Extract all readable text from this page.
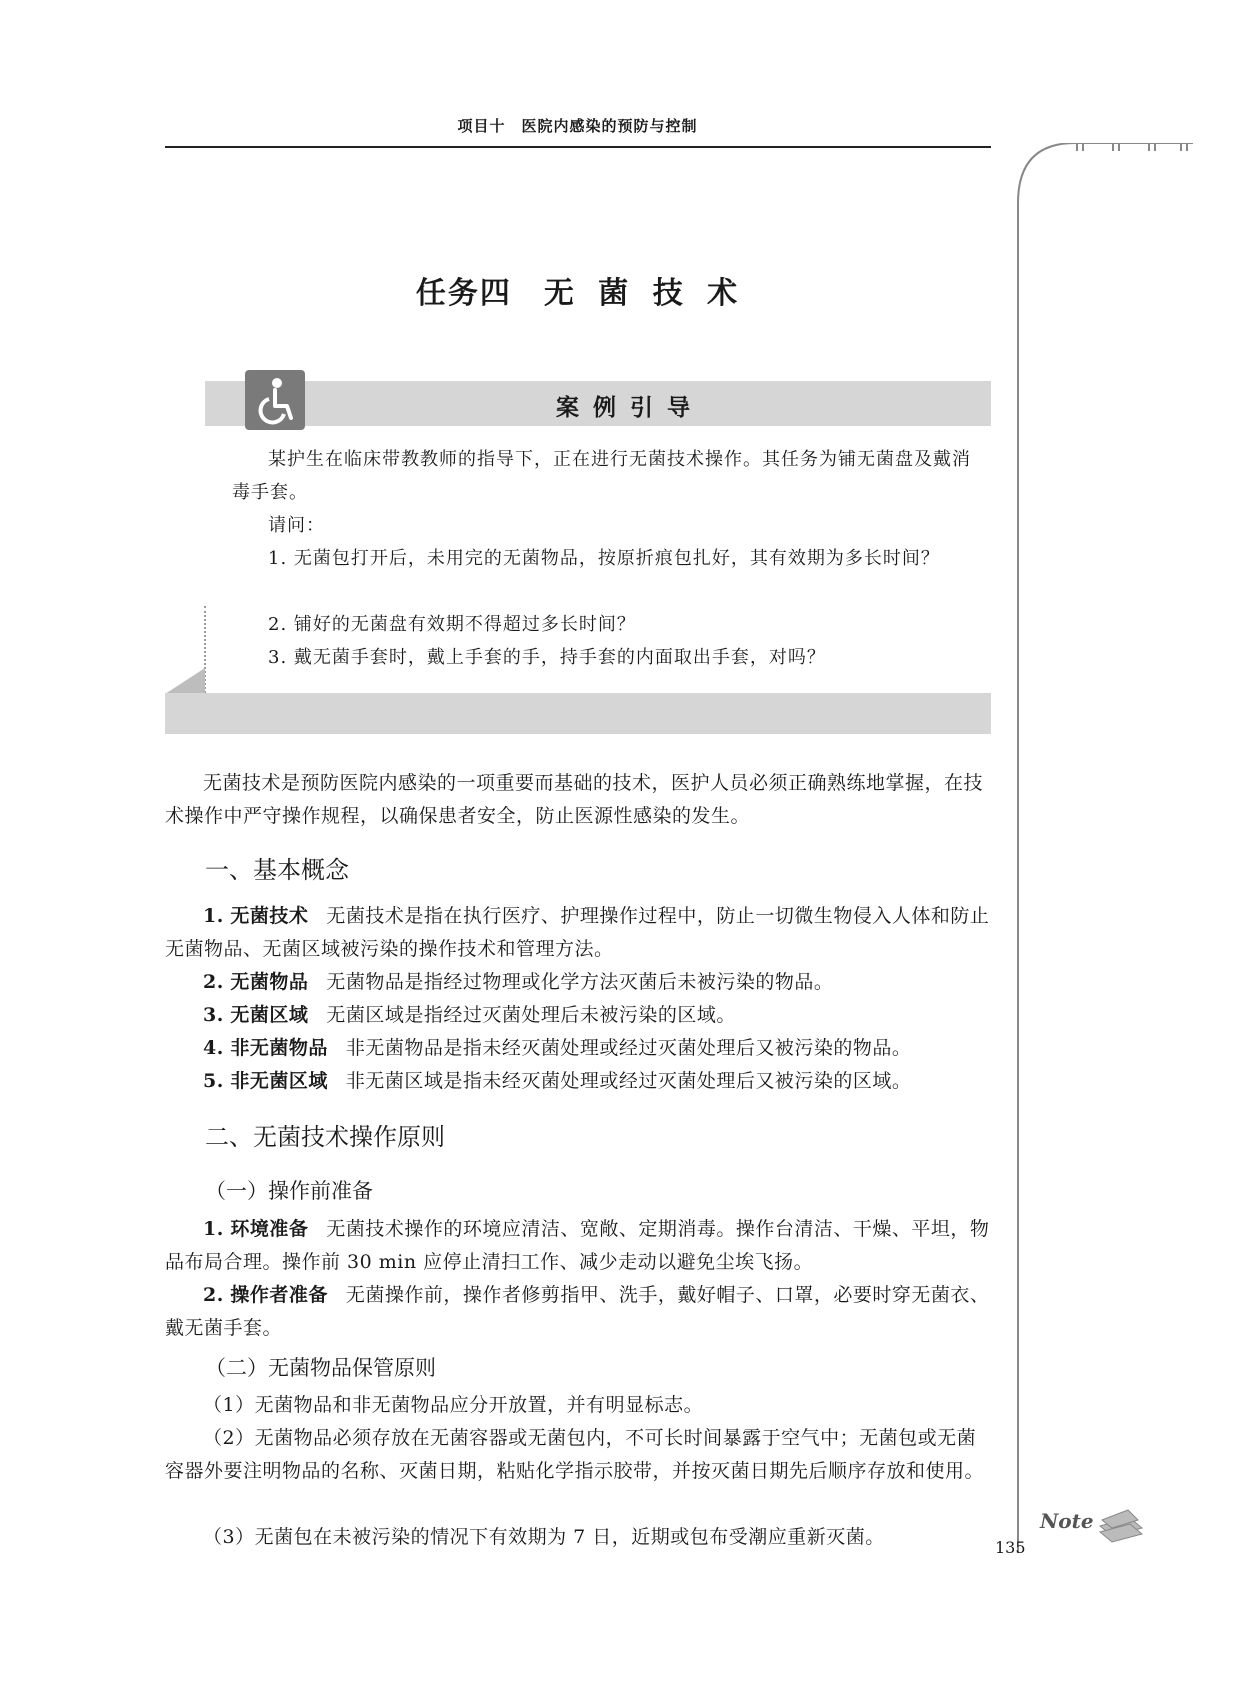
项目十　医院内感染的预防与控制
任务四　无 菌 技 术
案例引导
某护生在临床带教教师的指导下，正在进行无菌技术操作。其任务为铺无菌盘及戴消毒手套。
请问：
1. 无菌包打开后，未用完的无菌物品，按原折痕包扎好，其有效期为多长时间？
2. 铺好的无菌盘有效期不得超过多长时间？
3. 戴无菌手套时，戴上手套的手，持手套的内面取出手套，对吗？
无菌技术是预防医院内感染的一项重要而基础的技术，医护人员必须正确熟练地掌握，在技术操作中严守操作规程，以确保患者安全，防止医源性感染的发生。
一、基本概念
1. 无菌技术 无菌技术是指在执行医疗、护理操作过程中，防止一切微生物侵入人体和防止无菌物品、无菌区域被污染的操作技术和管理方法。
2. 无菌物品 无菌物品是指经过物理或化学方法灭菌后未被污染的物品。
3. 无菌区域 无菌区域是指经过灭菌处理后未被污染的区域。
4. 非无菌物品 非无菌物品是指未经灭菌处理或经过灭菌处理后又被污染的物品。
5. 非无菌区域 非无菌区域是指未经灭菌处理或经过灭菌处理后又被污染的区域。
二、无菌技术操作原则
（一）操作前准备
1. 环境准备 无菌技术操作的环境应清洁、宽敞、定期消毒。操作台清洁、干燥、平坦，物品布局合理。操作前 30 min 应停止清扫工作、减少走动以避免尘埃飞扬。
2. 操作者准备 无菌操作前，操作者修剪指甲、洗手，戴好帽子、口罩，必要时穿无菌衣、戴无菌手套。
（二）无菌物品保管原则
（1）无菌物品和非无菌物品应分开放置，并有明显标志。
（2）无菌物品必须存放在无菌容器或无菌包内，不可长时间暴露于空气中；无菌包或无菌容器外要注明物品的名称、灭菌日期，粘贴化学指示胶带，并按灭菌日期先后顺序存放和使用。
（3）无菌包在未被污染的情况下有效期为 7 日，近期或包布受潮应重新灭菌。
Note
135
